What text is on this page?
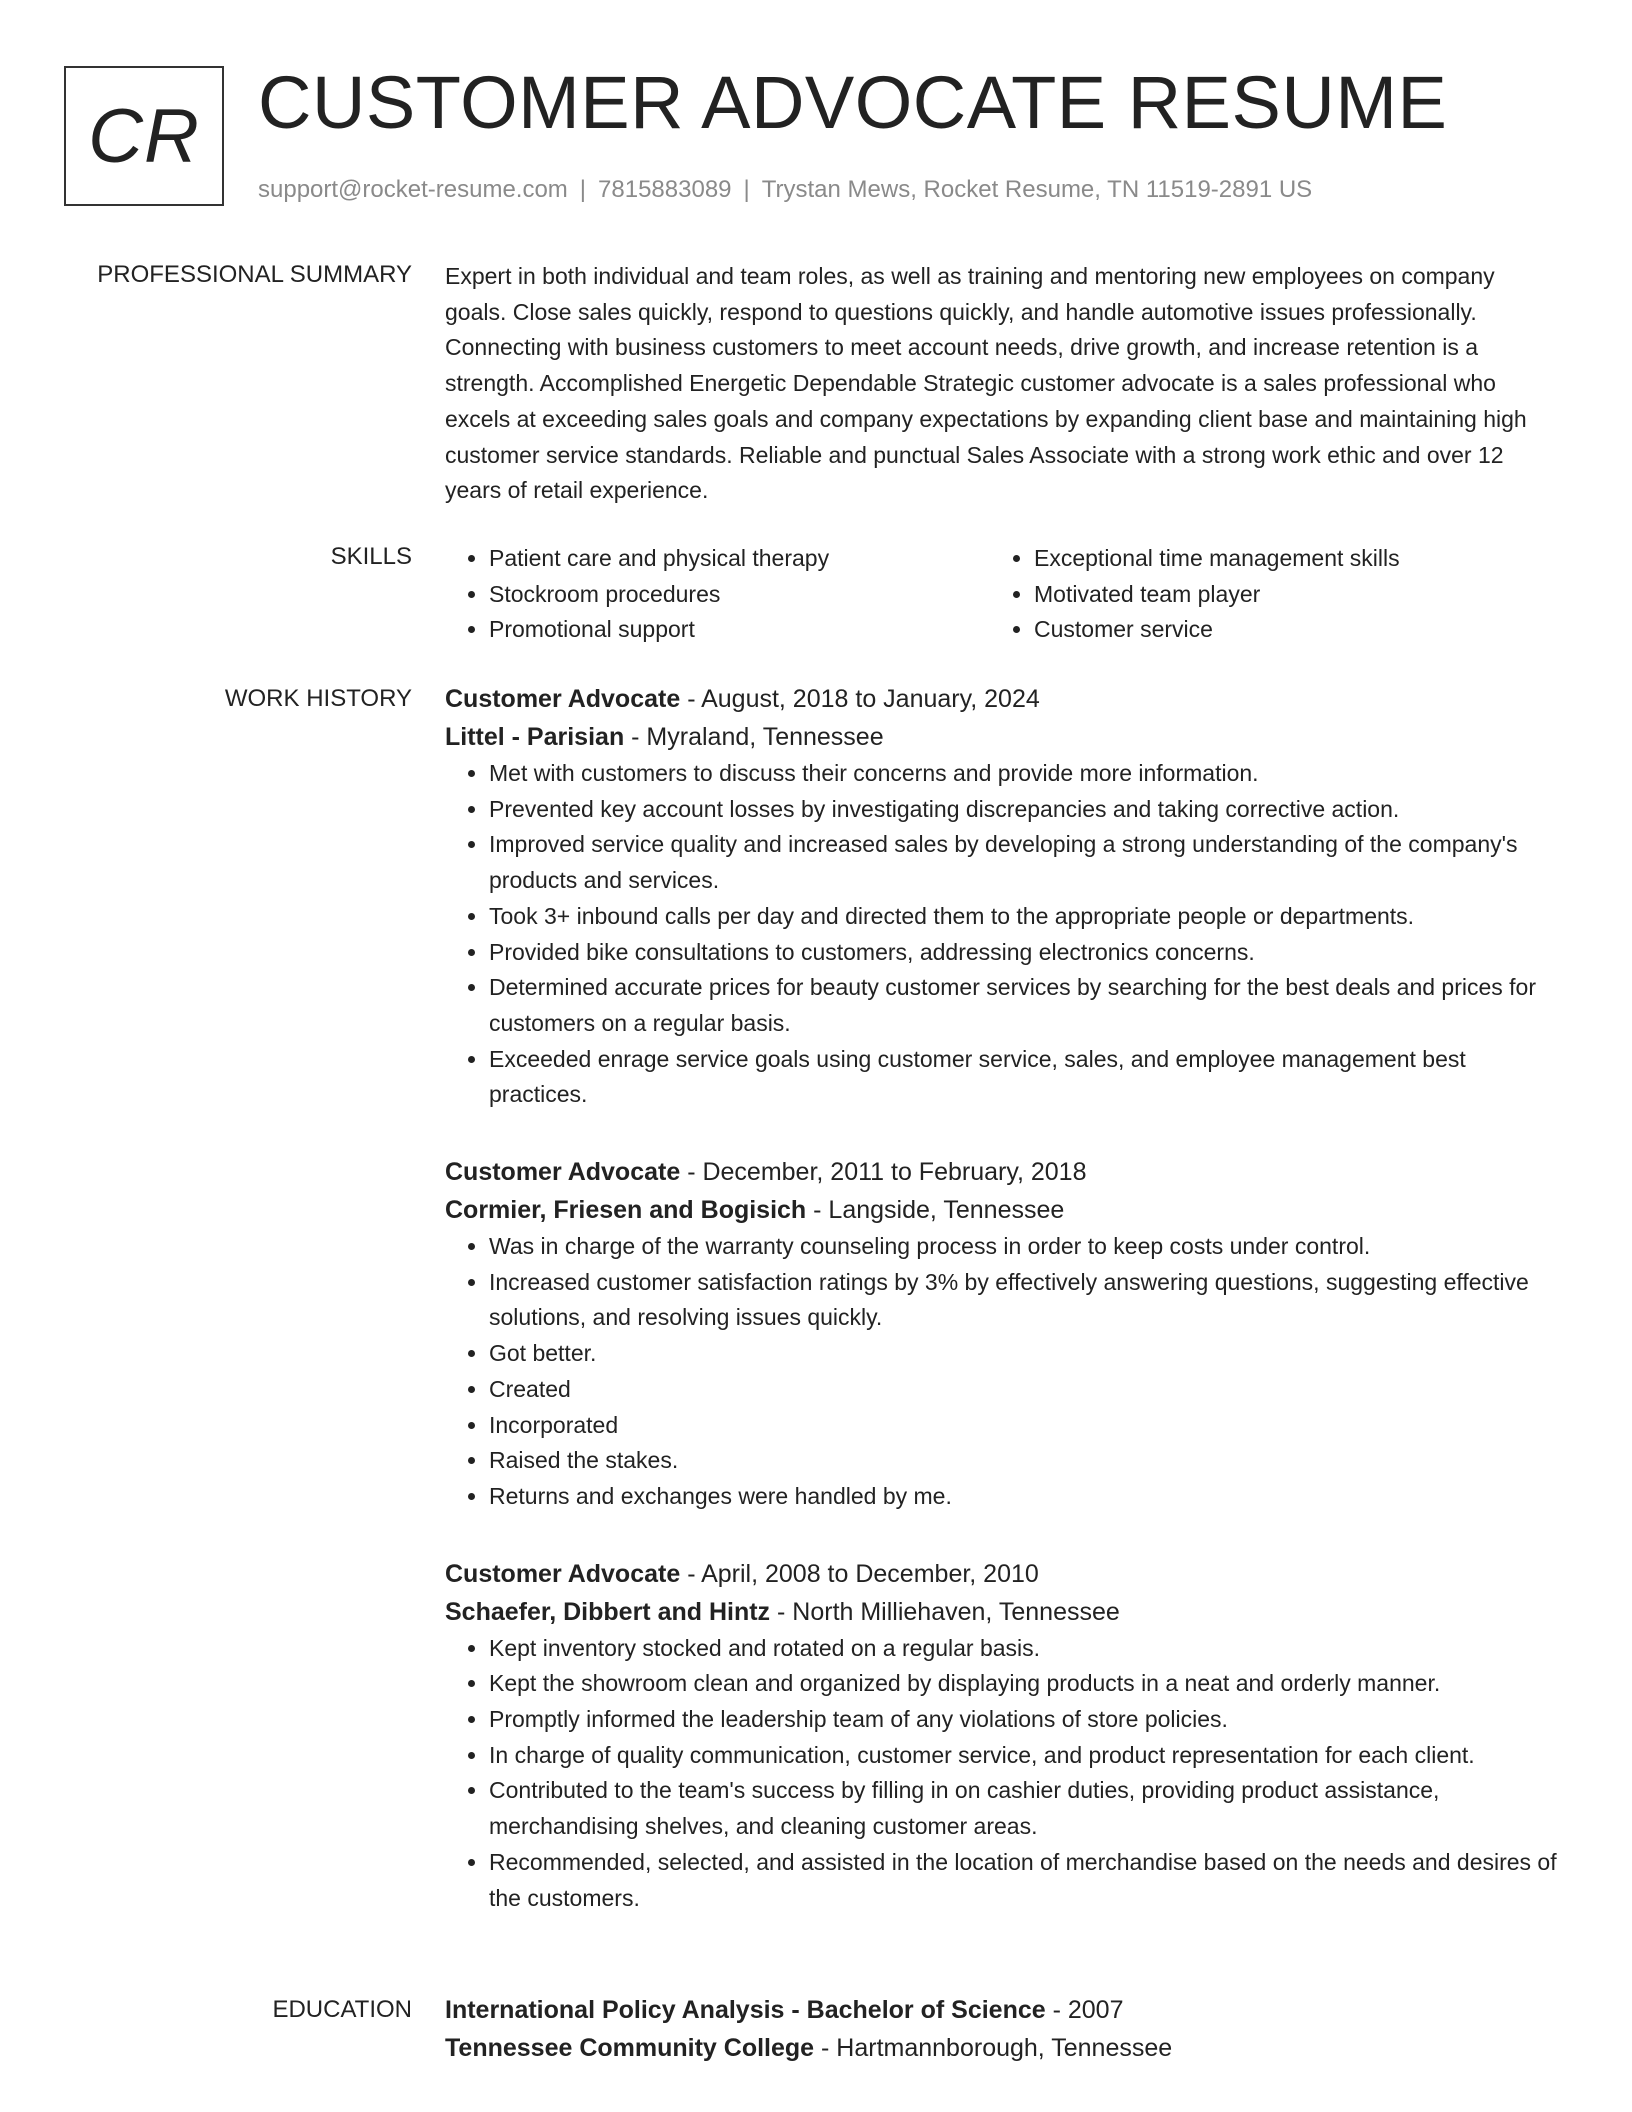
CR CUSTOMER ADVOCATE RESUME
support@rocket-resume.com | 7815883089 | Trystan Mews, Rocket Resume, TN 11519-2891 US
PROFESSIONAL SUMMARY Expert in both individual and team roles, as well as training and mentoring new employees on company goals. Close sales quickly, respond to questions quickly, and handle automotive issues professionally. Connecting with business customers to meet account needs, drive growth, and increase retention is a strength. Accomplished Energetic Dependable Strategic customer advocate is a sales professional who excels at exceeding sales goals and company expectations by expanding client base and maintaining high customer service standards. Reliable and punctual Sales Associate with a strong work ethic and over 12 years of retail experience.

SKILLS
•	Patient care and physical therapy
• Stockroom procedures
• Promotional support
• Exceptional time management skills
• Motivated team player
• Customer service
WORK HISTORY Customer Advocate - August, 2018 to January, 2024
Littel - Parisian - Myraland, Tennessee
• Met with customers to discuss their concerns and provide more information.
• Prevented key account losses by investigating discrepancies and taking corrective action.
• Improved service quality and increased sales by developing a strong understanding of the company's products and services.
• Took 3+ inbound calls per day and directed them to the appropriate people or departments.
• Provided bike consultations to customers, addressing electronics concerns.
• Determined accurate prices for beauty customer services by searching for the best deals and prices for customers on a regular basis.
• Exceeded enrage service goals using customer service, sales, and employee management best practices.
Customer Advocate - December, 2011 to February, 2018
Cormier, Friesen and Bogisich - Langside, Tennessee
• Was in charge of the warranty counseling process in order to keep costs under control.
• Increased customer satisfaction ratings by 3% by effectively answering questions, suggesting effective solutions, and resolving issues quickly.
• Got better.
• Created
• Incorporated
• Raised the stakes.
• Returns and exchanges were handled by me.
Customer Advocate - April, 2008 to December, 2010
Schaefer, Dibbert and Hintz - North Milliehaven, Tennessee
• Kept inventory stocked and rotated on a regular basis.
• Kept the showroom clean and organized by displaying products in a neat and orderly manner.
• Promptly informed the leadership team of any violations of store policies.
• In charge of quality communication, customer service, and product representation for each client.
• Contributed to the team's success by filling in on cashier duties, providing product assistance, merchandising shelves, and cleaning customer areas.
• Recommended, selected, and assisted in the location of merchandise based on the needs and desires of the customers.
EDUCATION International Policy Analysis - Bachelor of Science - 2007
Tennessee Community College - Hartmannborough, Tennessee
